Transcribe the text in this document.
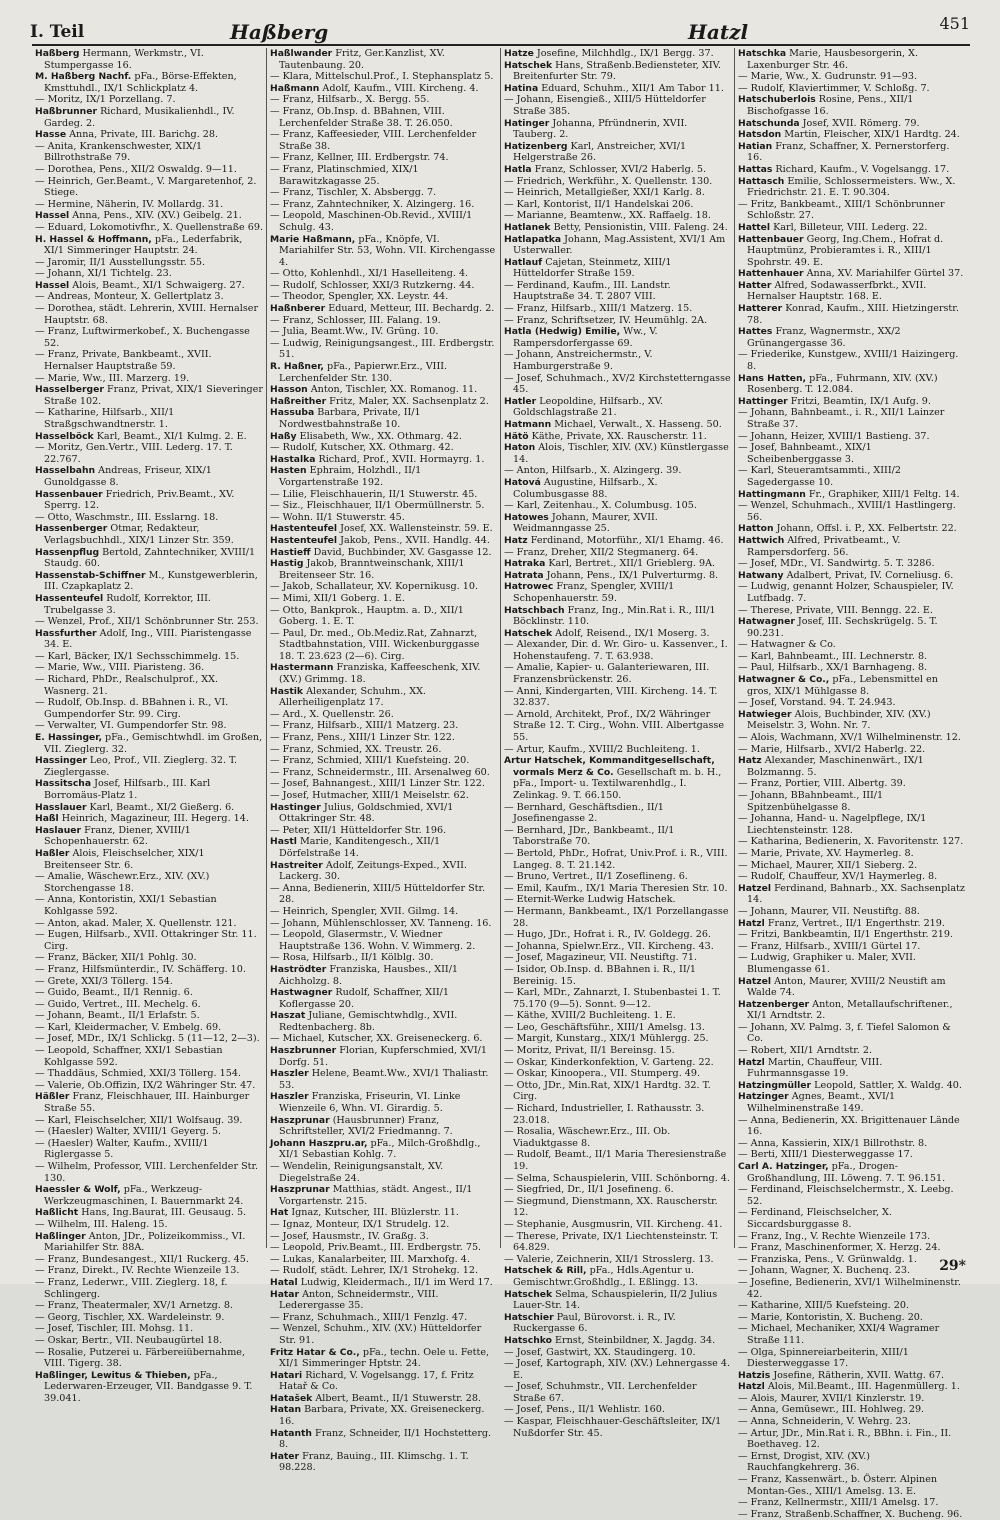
I. Teil	Haßberg	Hatzl	451

Haßberg Hermann, Werkmstr., VI. Stumpergasse 16.

M. Haßberg Nachf. pFa., Börse-Effekten, Kmsttuhdl., IX/1 Schlickplatz 4.

— Moritz, IX/1 Porzellang. 7.

Haßbrunner Richard, Musikalienhdl., IV. Gardeg. 2.

Hasse Anna, Private, III. Barichg. 28.

— Anita, Krankenschwester, XIX/1 Billrothstraße 79.

— Dorothea, Pens., XII/2 Oswaldg. 9—11.

— Heinrich, Ger.Beamt., V. Margaretenhof, 2. Stiege.

— Hermine, Näherin, IV. Mollardg. 31.

Hassel Anna, Pens., XIV. (XV.) Geibelg. 21.

— Eduard, Lokomotivfhr., X. Quellenstraße 69.

H. Hassel & Hoffmann, pFa., Lederfabrik, XI/1 Simmeringer Hauptstr. 24.

— Jaromir, II/1 Ausstellungsstr. 55.

— Johann, XI/1 Tichtelg. 23.

Hassel Alois, Beamt., XI/1 Schwaigerg. 27.

— Andreas, Monteur, X. Gellertplatz 3.

— Dorothea, städt. Lehrerin, XVIII. Hernalser Hauptstr. 68.

— Franz, Luftwirmerkobef., X. Buchengasse 52.

— Franz, Private, Bankbeamt., XVII. Hernalser Hauptstraße 59.

— Marie, Ww., III. Marzerg. 19.

Hasselberger Franz, Privat, XIX/1 Sieveringer Straße 102.

— Katharine, Hilfsarb., XII/1 Straßgschwandtnerstr. 1.

Hasselböck Karl, Beamt., XI/1 Kulmg. 2. E.

— Moritz, Gen.Vertr., VIII. Lederg. 17. T. 22.767.

Hasselbahn Andreas, Friseur, XIX/1 Gunoldgasse 8.

Hassenbauer Friedrich, Priv.Beamt., XV. Sperrg. 12.

— Otto, Waschmstr., III. Esslarng. 18.

Hassenberger Otmar, Redakteur, Verlagsbuchhdl., XIX/1 Linzer Str. 359.

Hassenpflug Bertold, Zahntechniker, XVIII/1 Staudg. 60.

Hassenstab-Schiffner M., Kunstgewerblerin, III. Czapkaplatz 2.

Hassenteufel Rudolf, Korrektor, III. Trubelgasse 3.

— Wenzel, Prof., XII/1 Schönbrunner Str. 253.

Hassfurther Adolf, Ing., VIII. Piaristengasse 34. E.

— Karl, Bäcker, IX/1 Sechsschimmelg. 15.

— Marie, Ww., VIII. Piaristeng. 36.

— Richard, PhDr., Realschulprof., XX. Wasnerg. 21.

— Rudolf, Ob.Insp. d. BBahnen i. R., VI. Gumpendorfer Str. 99. Cirg.

— Verwalter, VI. Gumpendorfer Str. 98.

E. Hassinger, pFa., Gemischtwhdl. im Großen, VII. Zieglerg. 32.

Hassinger Leo, Prof., VII. Zieglerg. 32. T. Zieglergasse.

Hassitscha Josef, Hilfsarb., III. Karl Borromäus-Platz 1.

Hasslauer Karl, Beamt., XI/2 Gießerg. 6.

Haßl Heinrich, Magazineur, III. Hegerg. 14.

Haslauer Franz, Diener, XVIII/1 Schopenhauerstr. 62.

Haßler Alois, Fleischselcher, XIX/1 Breitenseer Str. 6.

— Amalie, Wäschewr.Erz., XIV. (XV.) Storchengasse 18.

— Anna, Kontoristin, XXI/1 Sebastian Kohlgasse 592.

— Anton, akad. Maler, X. Quellenstr. 121.

— Eugen, Hilfsarb., XVII. Ottakringer Str. 11. Cirg.

— Franz, Bäcker, XII/1 Pohlg. 30.

— Franz, Hilfsmünterdir., IV. Schäfferg. 10.

— Grete, XXI/3 Töllerg. 154.

— Guido, Beamt., II/1 Rennig. 6.

— Guido, Vertret., III. Mechelg. 6.

— Johann, Beamt., II/1 Erlafstr. 5.

— Karl, Kleidermacher, V. Embelg. 69.

— Josef, MDr., IX/1 Schlickg. 5 (11—12, 2—3).

— Leopold, Schaffner, XXI/1 Sebastian Kohlgasse 592.

— Thaddäus, Schmied, XXI/3 Töllerg. 154.

— Valerie, Ob.Offizin, IX/2 Währinger Str. 47.

Häßler Franz, Fleischhauer, III. Hainburger Straße 55.

— Karl, Fleischselcher, XII/1 Wolfsaug. 39.

— (Haesler) Walter, XVIII/1 Geyerg. 5.

— (Haesler) Walter, Kaufm., XVIII/1 Riglergasse 5.

— Wilhelm, Professor, VIII. Lerchenfelder Str. 130.

Haessler & Wolf, pFa., Werkzeug-Werkzeugmaschinen, I. Bauernmarkt 24.

Haßlicht Hans, Ing.Baurat, III. Geusaug. 5.

— Wilhelm, III. Haleng. 15.

Haßlinger Anton, JDr., Polizeikommiss., VI. Mariahilfer Str. 88A.

— Franz, Bundesangest., XII/1 Ruckerg. 45.

— Franz, Direkt., IV. Rechte Wienzeile 13.

— Franz, Lederwr., VIII. Zieglerg. 18, f. Schlingerg.

— Franz, Theatermaler, XV/1 Arnetzg. 8.

— Georg, Tischler, XX. Wardeleinstr. 9.

— Josef, Tischler, III. Mohsg. 11.

— Oskar, Bertr., VII. Neubaugürtel 18.

— Rosalie, Putzerei u. Färbereiübernahme, VIII. Tigerg. 38.

Haßlinger, Lewitus & Thieben, pFa., Lederwaren-Erzeuger, VII. Bandgasse 9. T. 39.041.

Haßlwander Fritz, Ger.Kanzlist, XV. Tautenbaung. 20.

— Klara, Mittelschul.Prof., I. Stephansplatz 5.

Haßmann Adolf, Kaufm., VIII. Kircheng. 4.

— Franz, Hilfsarb., X. Bergg. 55.

— Franz, Ob.Insp. d. BBahnen, VIII. Lerchenfelder Straße 38. T. 26.050.

— Franz, Kaffeesieder, VIII. Lerchenfelder Straße 38.

— Franz, Kellner, III. Erdbergstr. 74.

— Franz, Platinschmied, XIX/1 Barawitzkagasse 25.

— Franz, Tischler, X. Absbergg. 7.

— Franz, Zahntechniker, X. Alzingerg. 16.

— Leopold, Maschinen-Ob.Revid., XVIII/1 Schulg. 43.

Marie Haßmann, pFa., Knöpfe, VI. Mariahilfer Str. 53, Wohn. VII. Kirchengasse 4.

— Otto, Kohlenhdl., XI/1 Haselleiteng. 4.

— Rudolf, Schlosser, XXI/3 Rutzkerng. 44.

— Theodor, Spengler, XX. Leystr. 44.

Haßnberer Eduard, Metteur, III. Bechardg. 2.

— Franz, Schlosser, III. Falang. 19.

— Julia, Beamt.Ww., IV. Grüng. 10.

— Ludwig, Reinigungsangest., III. Erdbergstr. 51.

R. Haßner, pFa., Papierwr.Erz., VIII. Lerchenfelder Str. 130.

Hasson Anton, Tischler, XX. Romanog. 11.

Haßreither Fritz, Maler, XX. Sachsenplatz 2.

Hassuba Barbara, Private, II/1 Nordwestbahnstraße 10.

Haßy Elisabeth, Ww., XX. Othmarg. 42.

— Rudolf, Kutscher, XX. Othmarg. 42.

Hastalka Richard, Prof., XVII. Hormayrg. 1.

Hasten Ephraim, Holzhdl., II/1 Vorgartenstraße 192.

— Lilie, Fleischhauerin, II/1 Stuwerstr. 45.

— Siz., Fleischhauer, II/1 Obermüllnerstr. 5.

— Wohn. II/1 Stuwerstr. 45.

Hastenteufel Josef, XX. Wallensteinstr. 59. E.

Hastenteufel Jakob, Pens., XVII. Handlg. 44.

Hastieff David, Buchbinder, XV. Gasgasse 12.

Hastig Jakob, Branntweinschank, XIII/1 Breitenseer Str. 16.

— Jakob, Schallateur, XV. Kopernikusg. 10.

— Mimi, XII/1 Goberg. 1. E.

— Otto, Bankprok., Hauptm. a. D., XII/1 Goberg. 1. E. T.

— Paul, Dr. med., Ob.Mediz.Rat, Zahnarzt, Stadtbahnstation, VIII. Wickenburggasse 18. T. 23.623 (2—6). Cirg.

Hastermann Franziska, Kaffeeschenk, XIV. (XV.) Grimmg. 18.

Hastik Alexander, Schuhm., XX. Allerheiligenplatz 17.

— Ard., X. Quellenstr. 26.

— Franz, Hilfsarb., XIII/1 Matzerg. 23.

— Franz, Pens., XIII/1 Linzer Str. 122.

— Franz, Schmied, XX. Treustr. 26.

— Franz, Schmied, XIII/1 Kuefsteing. 20.

— Franz, Schneidermstr., III. Arsenalweg 60.

— Josef, Bahnangest., XIII/1 Linzer Str. 122.

— Josef, Hutmacher, XIII/1 Meiselstr. 62.

Hastinger Julius, Goldschmied, XVI/1 Ottakringer Str. 48.

— Peter, XII/1 Hütteldorfer Str. 196.

Hastl Marie, Kanditengesch., XII/1 Dörfelstraße 14.

Hastreiter Adolf, Zeitungs-Exped., XVII. Lackerg. 30.

— Anna, Bedienerin, XIII/5 Hütteldorfer Str. 28.

— Heinrich, Spengler, XVII. Gilmg. 14.

— Johann, Mühlenschlosser, XV. Tanneng. 16.

— Leopold, Glasermstr., V. Wiedner Hauptstraße 136. Wohn. V. Wimmerg. 2.

— Rosa, Hilfsarb., II/1 Kölblg. 30.

Haströdter Franziska, Hausbes., XII/1 Aichholzg. 8.

Hastwagner Rudolf, Schaffner, XII/1 Koflergasse 20.

Haszat Juliane, Gemischtwhdlg., XVII. Redtenbacherg. 8b.

— Michael, Kutscher, XX. Greiseneckerg. 6.

Haszbrunner Florian, Kupferschmied, XVI/1 Dorfg. 51.

Haszler Helene, Beamt.Ww., XVI/1 Thaliastr. 53.

Haszler Franziska, Friseurin, VI. Linke Wienzeile 6, Whn. VI. Girardig. 5.

Haszprunar (Hausbrunner) Franz, Schriftsteller, XVI/2 Friedmanng. 7.

Johann Haszpru.ar, pFa., Milch-Großhdlg., XI/1 Sebastian Kohlg. 7.

— Wendelin, Reinigungsanstalt, XV. Diegelstraße 24.

Haszprunar Matthias, städt. Angest., II/1 Vorgartenstr. 215.

Hat Ignaz, Kutscher, III. Blüzlerstr. 11.

— Ignaz, Monteur, IX/1 Strudelg. 12.

— Josef, Hausmstr., IV. Graßg. 3.

— Leopold, Priv.Beamt., III. Erdbergstr. 75.

— Lukas, Kanalarbeiter, III. Marxhofg. 4.

— Rudolf, städt. Lehrer, IX/1 Strohekg. 12.

Hatal Ludwig, Kleidermach., II/1 im Werd 17.

Hatar Anton, Schneidermstr., VIII. Lederergasse 35.

— Franz, Schuhmach., XIII/1 Fenzlg. 47.

— Wenzel, Schuhm., XIV. (XV.) Hütteldorfer Str. 91.

Fritz Hatar & Co., pFa., techn. Oele u. Fette, XI/1 Simmeringer Hptstr. 24.

Hatari Richard, V. Vogelsangg. 17, f. Fritz Hatař & Co.

Hatašek Albert, Beamt., II/1 Stuwerstr. 28.

Hatan Barbara, Private, XX. Greiseneckerg. 16.

Hatanth Franz, Schneider, II/1 Hochstetterg. 8.

Hater Franz, Bauing., III. Klimschg. 1. T. 98.228.

Hatze Josefine, Milchhdlg., IX/1 Bergg. 37.

Hatschek Hans, Straßenb.Bediensteter, XIV. Breitenfurter Str. 79.

Hatina Eduard, Schuhm., XII/1 Am Tabor 11.

— Johann, Eisengieß., XIII/5 Hütteldorfer Straße 385.

Hatinger Johanna, Pfründnerin, XVII. Tauberg. 2.

Hatizenberg Karl, Anstreicher, XVI/1 Helgerstraße 26.

Hatla Franz, Schlosser, XVI/2 Haberlg. 5.

— Friedrich, Werkführ., X. Quellenstr. 130.

— Heinrich, Metallgießer, XXI/1 Karlg. 8.

— Karl, Kontorist, II/1 Handelskai 206.

— Marianne, Beamtenw., XX. Raffaelg. 18.

Hatlanek Betty, Pensionistin, VIII. Faleng. 24.

Hatlapatka Johann, Mag.Assistent, XVI/1 Am Usterwaller.

Hatlauf Cajetan, Steinmetz, XIII/1 Hütteldorfer Straße 159.

— Ferdinand, Kaufm., III. Landstr. Hauptstraße 34. T. 2807 VIII.

— Franz, Hilfsarb., XIII/1 Matzerg. 15.

— Franz, Schriftsetzer, IV. Heumühlg. 2A.

Hatla (Hedwig) Emilie, Ww., V. Rampersdorfergasse 69.

— Johann, Anstreichermstr., V. Hamburgerstraße 9.

— Josef, Schuhmach., XV/2 Kirchstetterngasse 45.

Hatler Leopoldine, Hilfsarb., XV. Goldschlagstraße 21.

Hatmann Michael, Verwalt., X. Hasseng. 50.

Hätö Käthe, Private, XX. Rauscherstr. 11.

Haton Alois, Tischler, XIV. (XV.) Künstlergasse 14.

— Anton, Hilfsarb., X. Alzingerg. 39.

Hatová Augustine, Hilfsarb., X. Columbusgasse 88.

— Karl, Zeitenhau., X. Columbusg. 105.

Hatowes Johann, Maurer, XVII. Weidmanngasse 25.

Hatz Ferdinand, Motorführ., XI/1 Ehamg. 46.

— Franz, Dreher, XII/2 Stegmanerg. 64.

Hatraka Karl, Bertret., XII/1 Grieblerg. 9A.

Hatrata Johann, Pens., IX/1 Pulverturmg. 8.

Hatrowec Franz, Spengler, XVIII/1 Schopenhauerstr. 59.

Hatschbach Franz, Ing., Min.Rat i. R., III/1 Böcklinstr. 110.

Hatschek Adolf, Reisend., IX/1 Moserg. 3.

— Alexander, Dir. d. Wr. Giro- u. Kassenver., I. Hohenstaufeng. 7. T. 63.938.

— Amalie, Kapier- u. Galanteriewaren, III. Franzensbrückenstr. 26.

— Anni, Kindergarten, VIII. Kircheng. 14. T. 32.837.

— Arnold, Architekt, Prof., IX/2 Währinger Straße 12. T. Cirg., Wohn. VIII. Albertgasse 55.

— Artur, Kaufm., XVIII/2 Buchleiteng. 1.

Artur Hatschek, Kommanditgesellschaft, vormals Merz & Co. Gesellschaft m. b. H., pFa., Import- u. Textilwarenhdlg., I. Zelinkag. 9. T. 66.150.

— Bernhard, Geschäftsdien., II/1 Josefinengasse 2.

— Bernhard, JDr., Bankbeamt., II/1 Taborstraße 70.

— Bertold, PhDr., Hofrat, Univ.Prof. i. R., VIII. Langeg. 8. T. 21.142.

— Bruno, Vertret., II/1 Zoseflineng. 6.

— Emil, Kaufm., IX/1 Maria Theresien Str. 10.

— Eternit-Werke Ludwig Hatschek.

— Hermann, Bankbeamt., IX/1 Porzellangasse 28.

— Hugo, JDr., Hofrat i. R., IV. Goldegg. 26.

— Johanna, Spielwr.Erz., VII. Kircheng. 43.

— Josef, Magazineur, VII. Neustiftg. 71.

— Isidor, Ob.Insp. d. BBahnen i. R., II/1 Bereinig. 15.

— Karl, MDr., Zahnarzt, I. Stubenbastei 1. T. 75.170 (9—5). Sonnt. 9—12.

— Käthe, XVIII/2 Buchleiteng. 1. E.

— Leo, Geschäftsführ., XIII/1 Amelsg. 13.

— Margit, Kunstarg., XIX/1 Mühlergg. 25.

— Moritz, Privat, II/1 Bereinsg. 15.

— Oskar, Kinderkonfektion, V. Garteng. 22.

— Oskar, Kinoopera., VII. Stumperg. 49.

— Otto, JDr., Min.Rat, XIX/1 Hardtg. 32. T. Cirg.

— Richard, Industrieller, I. Rathausstr. 3. 23.018.

— Rosalia, Wäschewr.Erz., III. Ob. Viaduktgasse 8.

— Rudolf, Beamt., II/1 Maria Theresienstraße 19.

— Selma, Schauspielerin, VIII. Schönborng. 4.

— Siegfried, Dr., II/1 Josefineng. 6.

— Siegmund, Dienstmann, XX. Rauscherstr. 12.

— Stephanie, Ausgmusrin, VII. Kircheng. 41.

— Therese, Private, IX/1 Liechtensteinstr. T. 64.829.

— Valerie, Zeichnerin, XII/1 Strosslerg. 13.

Hatschek & Rill, pFa., Hdls.Agentur u. Gemischtwr.Großhdlg., I. Eßlingg. 13.

Hatschek Selma, Schauspielerin, II/2 Julius Lauer-Str. 14.

Hatschier Paul, Bürovorst. i. R., IV. Ruckergasse 6.

Hatschko Ernst, Steinbildner, X. Jagdg. 34.

— Josef, Gastwirt, XX. Staudingerg. 10.

— Josef, Kartograph, XIV. (XV.) Lehnergasse 4. E.

— Josef, Schuhmstr., VII. Lerchenfelder Straße 67.

— Josef, Pens., II/1 Wehlistr. 160.

— Kaspar, Fleischhauer-Geschäftsleiter, IX/1 Nußdorfer Str. 45.

Hatschka Marie, Hausbesorgerin, X. Laxenburger Str. 46.

— Marie, Ww., X. Gudrunstr. 91—93.

— Rudolf, Klaviertimmer, V. Schloßg. 7.

Hatschuberlois Rosine, Pens., XII/1 Bischofgasse 16.

Hatschunda Josef, XVII. Römerg. 79.

Hatsdon Martin, Fleischer, XIX/1 Hardtg. 24.

Hatian Franz, Schaffner, X. Pernerstorferg. 16.

Hattas Richard, Kaufm., V. Vogelsangg. 17.

Hattasch Emilie, Schlossermeisters. Ww., X. Friedrichstr. 21. E. T. 90.304.

— Fritz, Bankbeamt., XIII/1 Schönbrunner Schloßstr. 27.

Hattel Karl, Billeteur, VIII. Lederg. 22.

Hattenbauer Georg, Ing.Chem., Hofrat d. Hauptmünz, Probieramtes i. R., XIII/1 Spohrstr. 49. E.

Hattenhauer Anna, XV. Mariahilfer Gürtel 37.

Hatter Alfred, Sodawasserfbrkt., XVII. Hernalser Hauptstr. 168. E.

Hatterer Konrad, Kaufm., XIII. Hietzingerstr. 78.

Hattes Franz, Wagnermstr., XX/2 Grünangergasse 36.

— Friederike, Kunstgew., XVIII/1 Haizingerg. 8.

Hans Hatten, pFa., Fuhrmann, XIV. (XV.) Rosenberg. T. 12.084.

Hattinger Fritzi, Beamtin, IX/1 Aufg. 9.

— Johann, Bahnbeamt., i. R., XII/1 Lainzer Straße 37.

— Johann, Heizer, XVIII/1 Bastieng. 37.

— Josef, Bahnbeamt., XIX/1 Scheibenberggasse 3.

— Karl, Steueramtsammti., XIII/2 Sagedergasse 10.

Hattingmann Fr., Graphiker, XIII/1 Feltg. 14.

— Wenzel, Schuhmach., XVIII/1 Hastlingerg. 56.

Hatton Johann, Offsl. i. P., XX. Felbertstr. 22.

Hattwich Alfred, Privatbeamt., V. Rampersdorferg. 56.

— Josef, MDr., VI. Sandwirtg. 5. T. 3286.

Hatwany Adalbert, Privat, IV. Corneliusg. 6.

— Ludwig, genannt Holzer, Schauspieler, IV. Lutfbadg. 7.

— Therese, Private, VIII. Benngg. 22. E.

Hatwagner Josef, III. Sechskrügelg. 5. T. 90.231.

— Hatwagner & Co.

— Karl, Bahnbeamt., III. Lechnerstr. 8.

— Paul, Hilfsarb., XX/1 Barnhageng. 8.

Hatwagner & Co., pFa., Lebensmittel en gros, XIX/1 Mühlgasse 8.

— Josef, Vorstand. 94. T. 24.943.

Hatwieger Alois, Buchbinder, XIV. (XV.) Meiselstr. 3, Wohn. Nr. 7.

— Alois, Wachmann, XV/1 Wilhelminenstr. 12.

— Marie, Hilfsarb., XVI/2 Haberlg. 22.

Hatz Alexander, Maschinenwärt., IX/1 Bolzmanng. 5.

— Franz, Portier, VIII. Albertg. 39.

— Johann, BBahnbeamt., III/1 Spitzenbühelgasse 8.

— Johanna, Hand- u. Nagelpflege, IX/1 Liechtensteinstr. 128.

— Katharina, Bedienerin, X. Favoritenstr. 127.

— Marie, Private, XV. Haymerleg. 8.

— Michael, Maurer, XII/1 Sieberg. 2.

— Rudolf, Chauffeur, XV/1 Haymerleg. 8.

Hatzel Ferdinand, Bahnarb., XX. Sachsenplatz 14.

— Johann, Maurer, VII. Neustiftg. 88.

Hatzl Franz, Vertret., II/1 Engerthstr. 219.

— Fritzi, Bankbeamtin, II/1 Engerthstr. 219.

— Franz, Hilfsarb., XVIII/1 Gürtel 17.

— Ludwig, Graphiker u. Maler, XVII. Blumengasse 61.

Hatzel Anton, Maurer, XVIII/2 Neustift am Walde 74.

Hatzenberger Anton, Metallaufschriftener., XI/1 Arndtstr. 2.

— Johann, XV. Palmg. 3, f. Tiefel Salomon & Co.

— Robert, XII/1 Arndtstr. 2.

Hatzl Martin, Chauffeur, VIII. Fuhrmannsgasse 19.

Hatzingmüller Leopold, Sattler, X. Waldg. 40.

Hatzinger Agnes, Beamt., XVI/1 Wilhelminenstraße 149.

— Anna, Bedienerin, XX. Brigittenauer Lände 16.

— Anna, Kassierin, XIX/1 Billrothstr. 8.

— Berti, XIII/1 Diesterweggasse 17.

Carl A. Hatzinger, pFa., Drogen-Großhandlung, III. Löweng. 7. T. 96.151.

— Ferdinand, Fleischselchermstr., X. Leebg. 52.

— Ferdinand, Fleischselcher, X. Siccardsburggasse 8.

— Franz, Ing., V. Rechte Wienzeile 173.

— Franz, Maschinenformer, X. Herzg. 24.

— Franziska, Pens., V. Grünwaldg. 1.

— Johann, Wagner, X. Buchenq. 23.

— Josefine, Bedienerin, XVI/1 Wilhelminenstr. 42.

— Katharine, XIII/5 Kuefsteing. 20.

— Marie, Kontoristin, X. Bucheng. 20.

— Michael, Mechaniker, XXI/4 Wagramer Straße 111.

— Olga, Spinnereiarbeiterin, XIII/1 Diesterweggasse 17.

Hatzis Josefine, Rätherin, XVII. Wattg. 67.

Hatzl Alois, Mil.Beamt., III. Hagenmüllerg. 1.

— Alois, Maurer, XVII/1 Kinzlerstr. 19.

— Anna, Gemüsewr., III. Hohlweg. 29.

— Anna, Schneiderin, V. Wehrg. 23.

— Artur, JDr., Min.Rat i. R., BBhn. i. Fin., II. Boethaveg. 12.

— Ernst, Drogist, XIV. (XV.) Rauchfangkehrerg. 36.

— Franz, Kassenwärt., b. Österr. Alpinen Montan-Ges., XIII/1 Amelsg. 13. E.

— Franz, Kellnermstr., XIII/1 Amelsg. 17.

— Franz, Straßenb.Schaffner, X. Bucheng. 96.

29*
